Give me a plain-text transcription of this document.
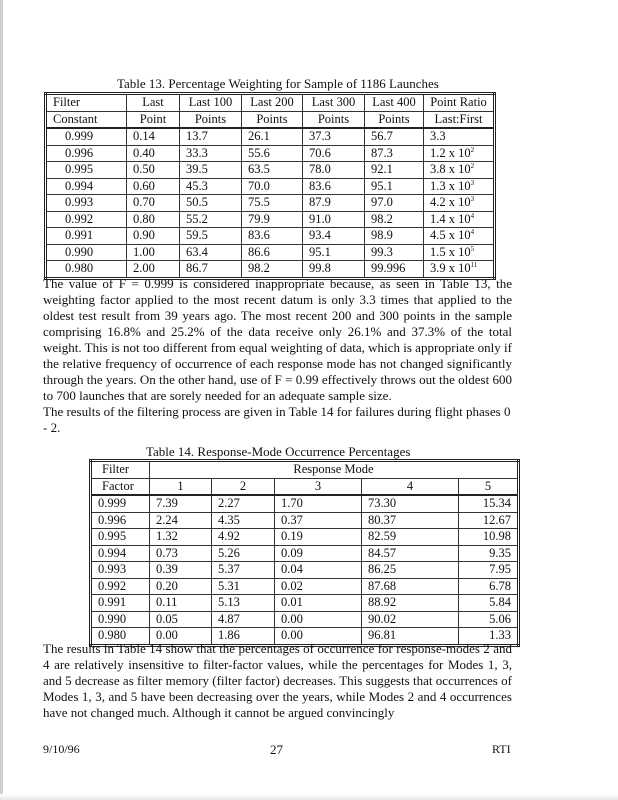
Table 13. Percentage Weighting for Sample of 1186 Launches
Filter	Last	Last 100	Last 200	Last 300	Last 400	Point Ratio
Constant	Point	Points	Points	Points	Points	Last:First
0.999	0.14	13.7	26.1	37.3	56.7	3.3
0.996	0.40	33.3	55.6	70.6	87.3	1.2 x $10^2$
0.995	0.50	39.5	63.5	78.0	92.1	3.8 x $10^2$
0.994	0.60	45.3	70.0	83.6	95.1	1.3 x $10^3$
0.993	0.70	50.5	75.5	87.9	97.0	4.2 x $10^3$
0.992	0.80	55.2	79.9	91.0	98.2	1.4 x $10^4$
0.991	0.90	59.5	83.6	93.4	98.9	4.5 x $10^4$
0.990	1.00	63.4	86.6	95.1	99.3	1.5 x $10^5$
0.980	2.00	86.7	98.2	99.8	99.996	3.9 x $10^{11}$
The value of F = 0.999 is considered inappropriate because, as seen in Table 13, the weighting factor applied to the most recent datum is only 3.3 times that applied to the oldest test result from 39 years ago. The most recent 200 and 300 points in the sample comprising 16.8% and 25.2% of the data receive only 26.1% and 37.3% of the total weight. This is not too different from equal weighting of data, which is appropriate only if the relative frequency of occurrence of each response mode has not changed significantly through the years. On the other hand, use of F = 0.99 effectively throws out the oldest 600 to 700 launches that are sorely needed for an adequate sample size.
The results of the filtering process are given in Table 14 for failures during flight phases 0 - 2.
Table 14. Response-Mode Occurrence Percentages
Filter	Response Mode				
Factor	1	2	3	4	5
0.999	7.39	2.27	1.70	73.30	15.34
0.996	2.24	4.35	0.37	80.37	12.67
0.995	1.32	4.92	0.19	82.59	10.98
0.994	0.73	5.26	0.09	84.57	9.35
0.993	0.39	5.37	0.04	86.25	7.95
0.992	0.20	5.31	0.02	87.68	6.78
0.991	0.11	5.13	0.01	88.92	5.84
0.990	0.05	4.87	0.00	90.02	5.06
0.980	0.00	1.86	0.00	96.81	1.33
The results in Table 14 show that the percentages of occurrence for response-modes 2 and 4 are relatively insensitive to filter-factor values, while the percentages for Modes 1, 3, and 5 decrease as filter memory (filter factor) decreases. This suggests that occurrences of Modes 1, 3, and 5 have been decreasing over the years, while Modes 2 and 4 occurrences have not changed much. Although it cannot be argued convincingly
9/10/96	27	RTI
